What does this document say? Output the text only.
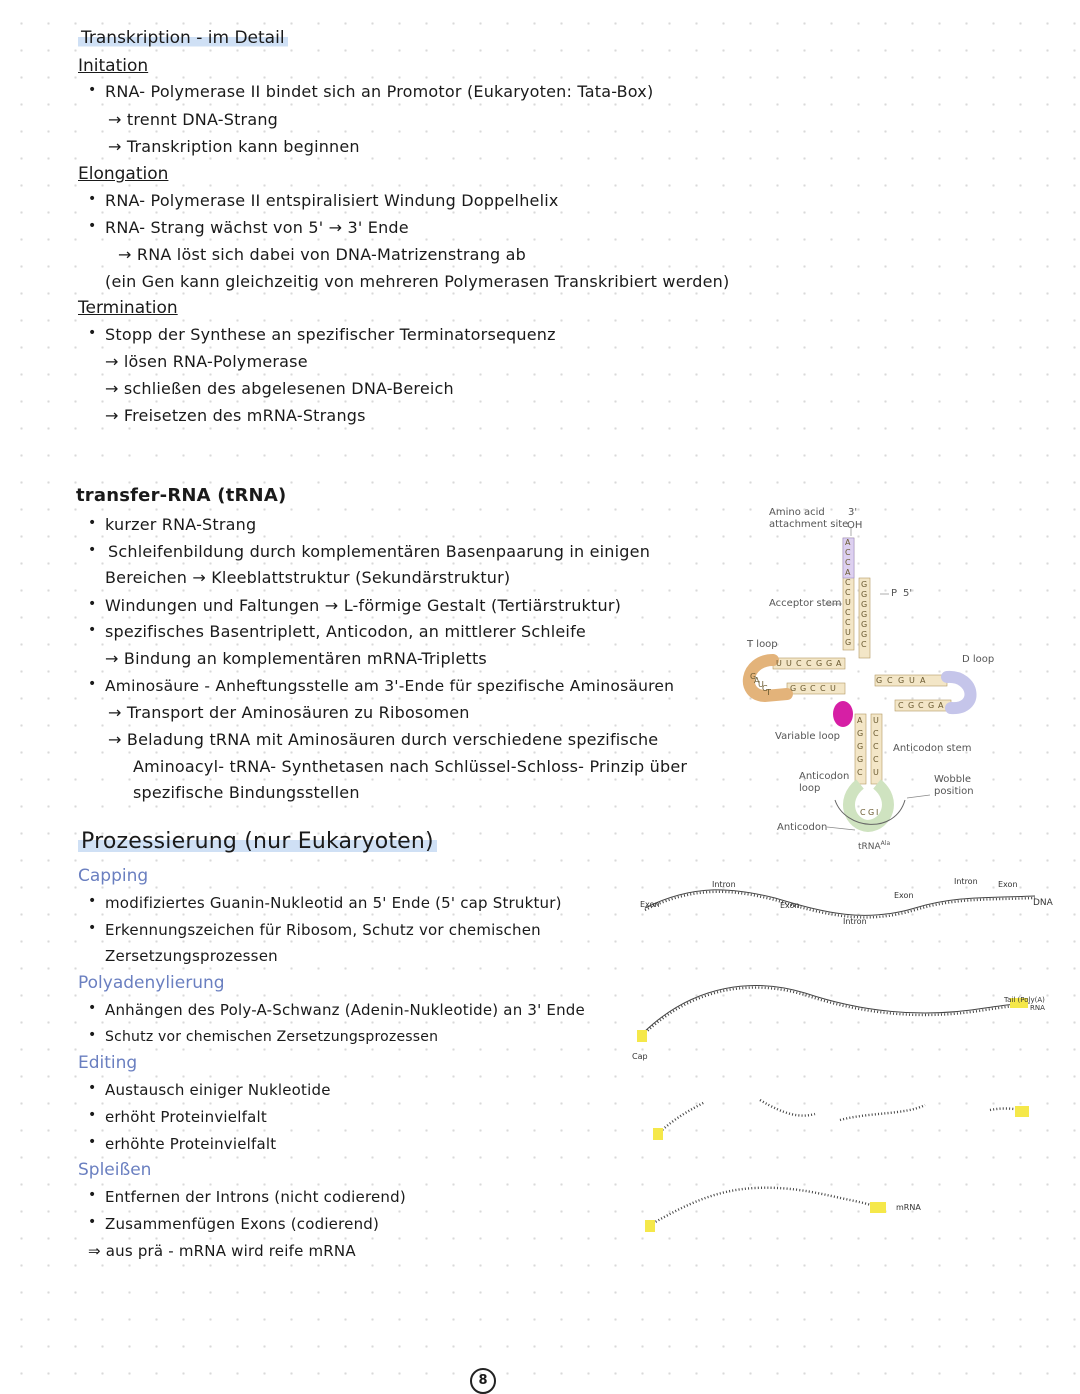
Transkription - im Detail
Initation
• RNA- Polymerase II bindet sich an Promotor (Eukaryoten: Tata-Box)
→ trennt DNA-Strang
→ Transkription kann beginnen
Elongation
• RNA- Polymerase II entspiralisiert Windung Doppelhelix
• RNA- Strang wächst von 5' → 3' Ende
→ RNA löst sich dabei von DNA-Matrizenstrang ab
(ein Gen kann gleichzeitig von mehreren Polymerasen Transkribiert werden)
Termination
• Stopp der Synthese an spezifischer Terminatorsequenz
→ lösen RNA-Polymerase
→ schließen des abgelesenen DNA-Bereich
→ Freisetzen des mRNA-Strangs
transfer-RNA (tRNA)
• kurzer RNA-Strang
• Schleifenbildung durch komplementären Basenpaarung in einigen
Bereichen → Kleeblattstruktur (Sekundärstruktur)
• Windungen und Faltungen → L-förmige Gestalt (Tertiärstruktur)
• spezifisches Basentriplett, Anticodon, an mittlerer Schleife
→ Bindung an komplementären mRNA-Tripletts
• Aminosäure - Anheftungsstelle am 3'-Ende für spezifische Aminosäuren
→ Transport der Aminosäuren zu Ribosomen
→ Beladung tRNA mit Aminosäuren durch verschiedene spezifische
Aminoacyl- tRNA- Synthetasen nach Schlüssel-Schloss- Prinzip über
spezifische Bindungsstellen
Amino acid
attachment site
3'
OH
P 5'
Acceptor stem
T loop
D loop
Variable loop
Anticodon stem
Anticodon
loop
Wobble
position
Anticodon
tRNA$^{Ala}$
A
C
C
A
C
C
U
C
C
U
G
G
G
G
G
G
G
C
U U C C G G A
G G C C U
G
A
U
C
T
G C G U A
C G C G A
A
G
G
G
C
U
C
C
C
U
C G I
Prozessierung (nur Eukaryoten)
Capping
• modifiziertes Guanin-Nukleotid an 5' Ende (5' cap Struktur)
• Erkennungszeichen für Ribosom, Schutz vor chemischen
Zersetzungsprozessen
Polyadenylierung
• Anhängen des Poly-A-Schwanz (Adenin-Nukleotide) an 3' Ende
• Schutz vor chemischen Zersetzungsprozessen
Editing
• Austausch einiger Nukleotide
• erhöht Proteinvielfalt
• erhöhte Proteinvielfalt
Spleißen
• Entfernen der Introns (nicht codierend)
• Zusammenfügen Exons (codierend)
⇒ aus prä - mRNA wird reife mRNA
Exon
Intron
Exon
Intron
Exon
Intron	Exon
DNA
Cap
Tail (Poly(A)
RNA
mRNA
8
